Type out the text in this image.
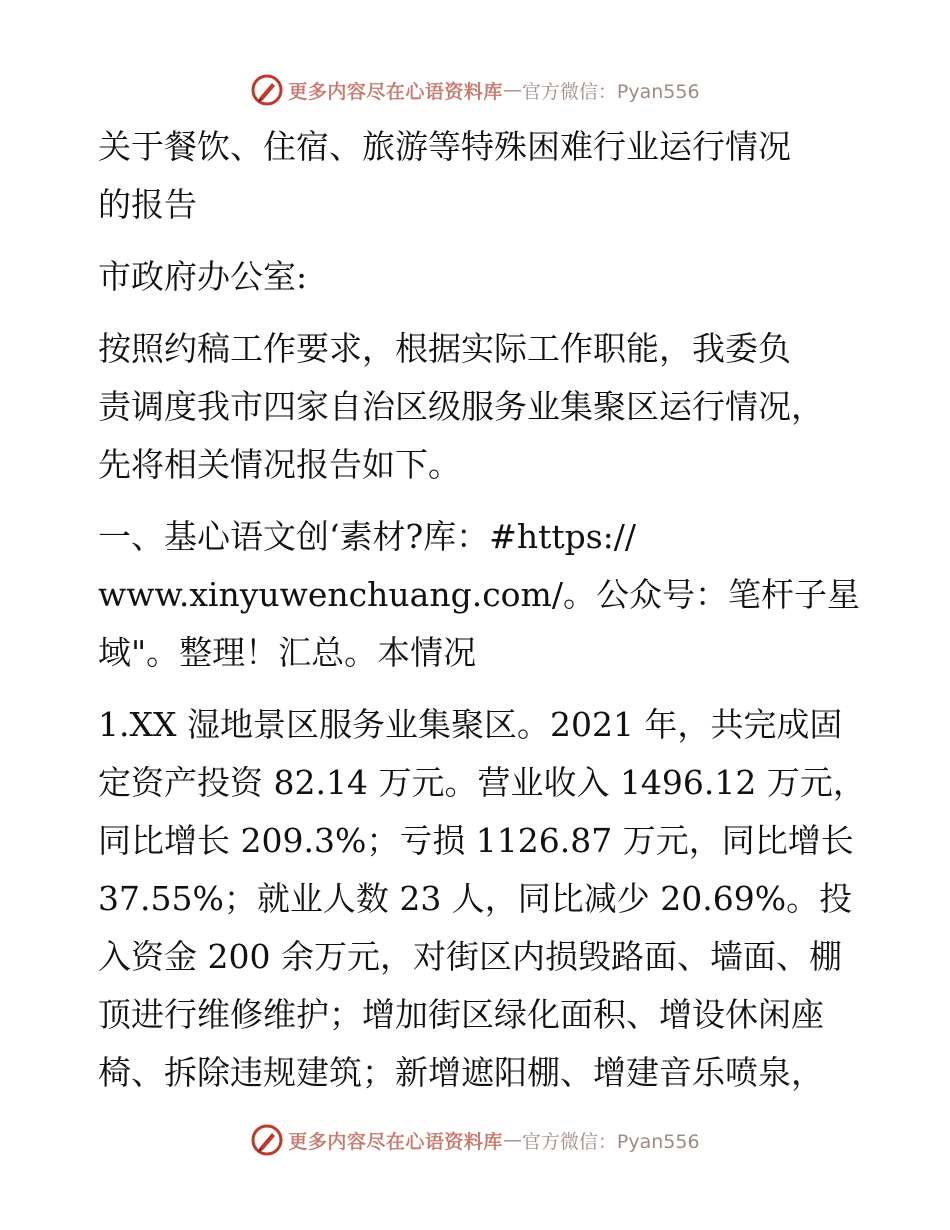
更多内容尽在心语资料库 — 官方微信：Pyan556

关于餐饮、住宿、旅游等特殊困难行业运行情况
的报告

市政府办公室:

按照约稿工作要求，根据实际工作职能，我委负
责调度我市四家自治区级服务业集聚区运行情况，
先将相关情况报告如下。

一、基心语文创‘素材?库：#https://
www.xinyuwenchuang.com/。公众号：笔杆子星
域"。整理！汇总。本情况

1.XX 湿地景区服务业集聚区。2021 年，共完成固
定资产投资 82.14 万元。营业收入 1496.12 万元，
同比增长 209.3%；亏损 1126.87 万元，同比增长
37.55%；就业人数 23 人，同比减少 20.69%。投
入资金 200 余万元，对街区内损毁路面、墙面、棚
顶进行维修维护；增加街区绿化面积、增设休闲座
椅、拆除违规建筑；新增遮阳棚、增建音乐喷泉，

更多内容尽在心语资料库 — 官方微信：Pyan556
